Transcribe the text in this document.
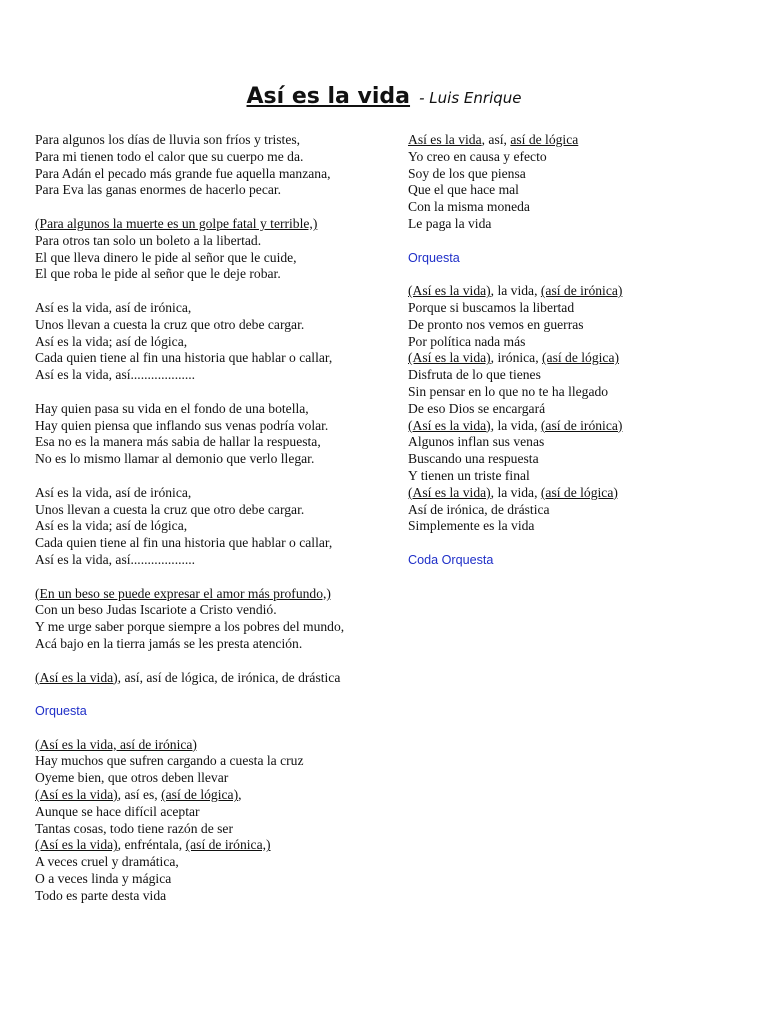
Así es la vida - Luis Enrique
Para algunos los días de lluvia son fríos y tristes,
Para mi tienen todo el calor que su cuerpo me da.
Para Adán el pecado más grande fue aquella manzana,
Para Eva las ganas enormes de hacerlo pecar.
(Para algunos la muerte es un golpe fatal y terrible,)
Para otros tan solo un boleto a la libertad.
El que lleva dinero le pide al señor que le cuide,
El que roba le pide al señor que le deje robar.
Así es la vida, así de irónica,
Unos llevan a cuesta la cruz que otro debe cargar.
Así es la vida; así de lógica,
Cada quien tiene al fin una historia que hablar o callar,
Así es la vida, así...................
Hay quien pasa su vida en el fondo de una botella,
Hay quien piensa que inflando sus venas podría volar.
Esa no es la manera más sabia de hallar la respuesta,
No es lo mismo llamar al demonio que verlo llegar.
Así es la vida, así de irónica,
Unos llevan a cuesta la cruz que otro debe cargar.
Así es la vida; así de lógica,
Cada quien tiene al fin una historia que hablar o callar,
Así es la vida, así...................
(En un beso se puede expresar el amor más profundo,)
Con un beso Judas Iscariote a Cristo vendió.
Y me urge saber porque siempre a los pobres del mundo,
Acá bajo en la tierra jamás se les presta atención.
(Así es la vida), así, así de lógica, de irónica, de drástica
Orquesta
(Así es la vida, así de irónica)
Hay muchos que sufren cargando a cuesta la cruz
Oyeme bien, que otros deben llevar
(Así es la vida), así es, (así de lógica),
Aunque se hace difícil aceptar
Tantas cosas, todo tiene razón de ser
(Así es la vida), enfréntala, (así de irónica,)
A veces cruel y dramática,
O a veces linda y mágica
Todo es parte desta vida
Así es la vida, así, así de lógica
Yo creo en causa y efecto
Soy de los que piensa
Que el que hace mal
Con la misma moneda
Le paga la vida
Orquesta
(Así es la vida), la vida, (así de irónica)
Porque si buscamos la libertad
De pronto nos vemos en guerras
Por política nada más
(Así es la vida), irónica, (así de lógica)
Disfruta de lo que tienes
Sin pensar en lo que no te ha llegado
De eso Dios se encargará
(Así es la vida), la vida, (así de irónica)
Algunos inflan sus venas
Buscando una respuesta
Y tienen un triste final
(Así es la vida), la vida, (así de lógica)
Así de irónica, de drástica
Simplemente es la vida
Coda Orquesta
